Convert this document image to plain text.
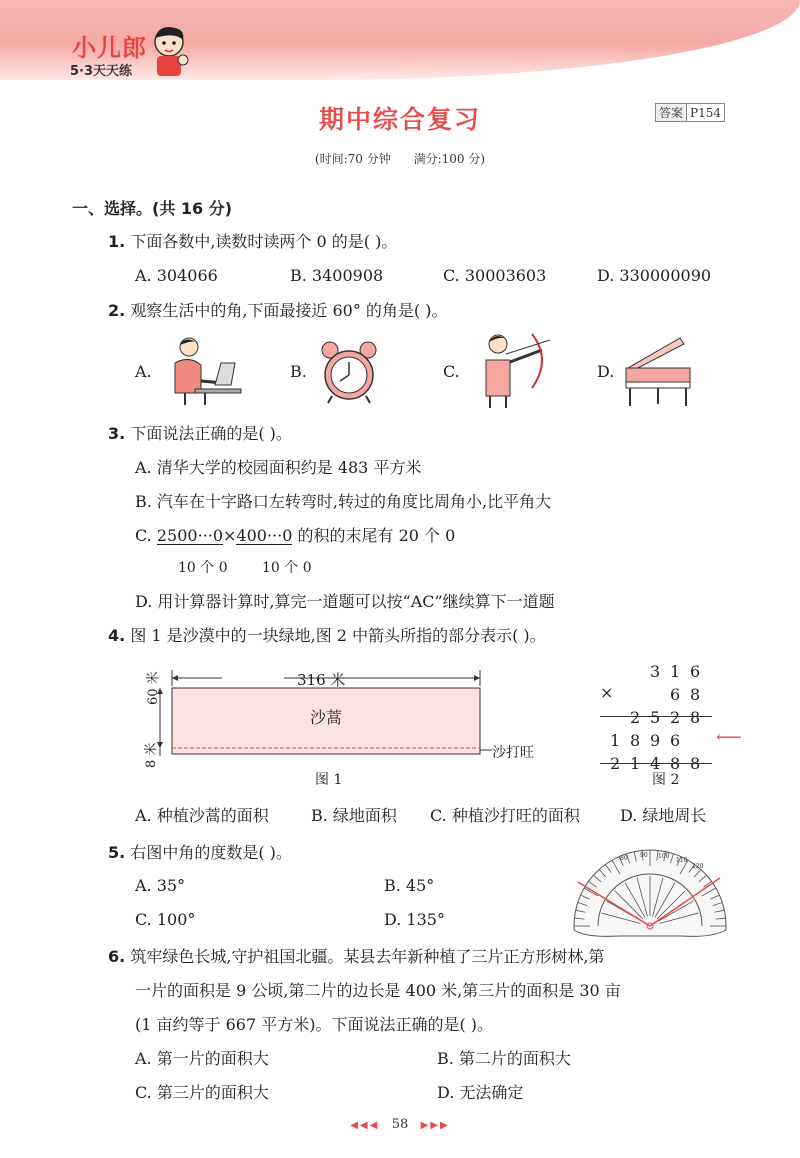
小儿郎
5·3天天练
期中综合复习	答案 P154
(时间:70 分钟      满分:100 分)
一、选择。(共 16 分)
1. 下面各数中,读数时读两个 0 的是( )。
A. 304066	B. 3400908	C. 30003603	D. 330000090
2. 观察生活中的角,下面最接近 60° 的角是( )。
A.	B.	C.	D.
3. 下面说法正确的是( )。
A. 清华大学的校园面积约是 483 平方米
B. 汽车在十字路口左转弯时,转过的角度比周角小,比平角大
C. 2500···0×400···0 的积的末尾有 20 个 0
10 个 0 10 个 0
D. 用计算器计算时,算完一道题可以按“AC”继续算下一道题
4. 图 1 是沙漠中的一块绿地,图 2 中箭头所指的部分表示( )。
316 米
60 米
8 米
沙蒿
沙打旺
图 1
×
3 1 6
6 8
2 5 2 8
1 8 9 6
2 1 4 8 8
⟵
图 2
A. 种植沙蒿的面积	B. 绿地面积 C. 种植沙打旺的面积	D. 绿地周长
5. 右图中角的度数是( )。
A. 35°	B. 45°
C. 100°	D. 135°
80 90 100
110
120
6. 筑牢绿色长城,守护祖国北疆。某县去年新种植了三片正方形树林,第
一片的面积是 9 公顷,第二片的边长是 400 米,第三片的面积是 30 亩
(1 亩约等于 667 平方米)。下面说法正确的是( )。
A. 第一片的面积大	B. 第二片的面积大
C. 第三片的面积大	D. 无法确定
◀◀◀ 58 ▶▶▶
